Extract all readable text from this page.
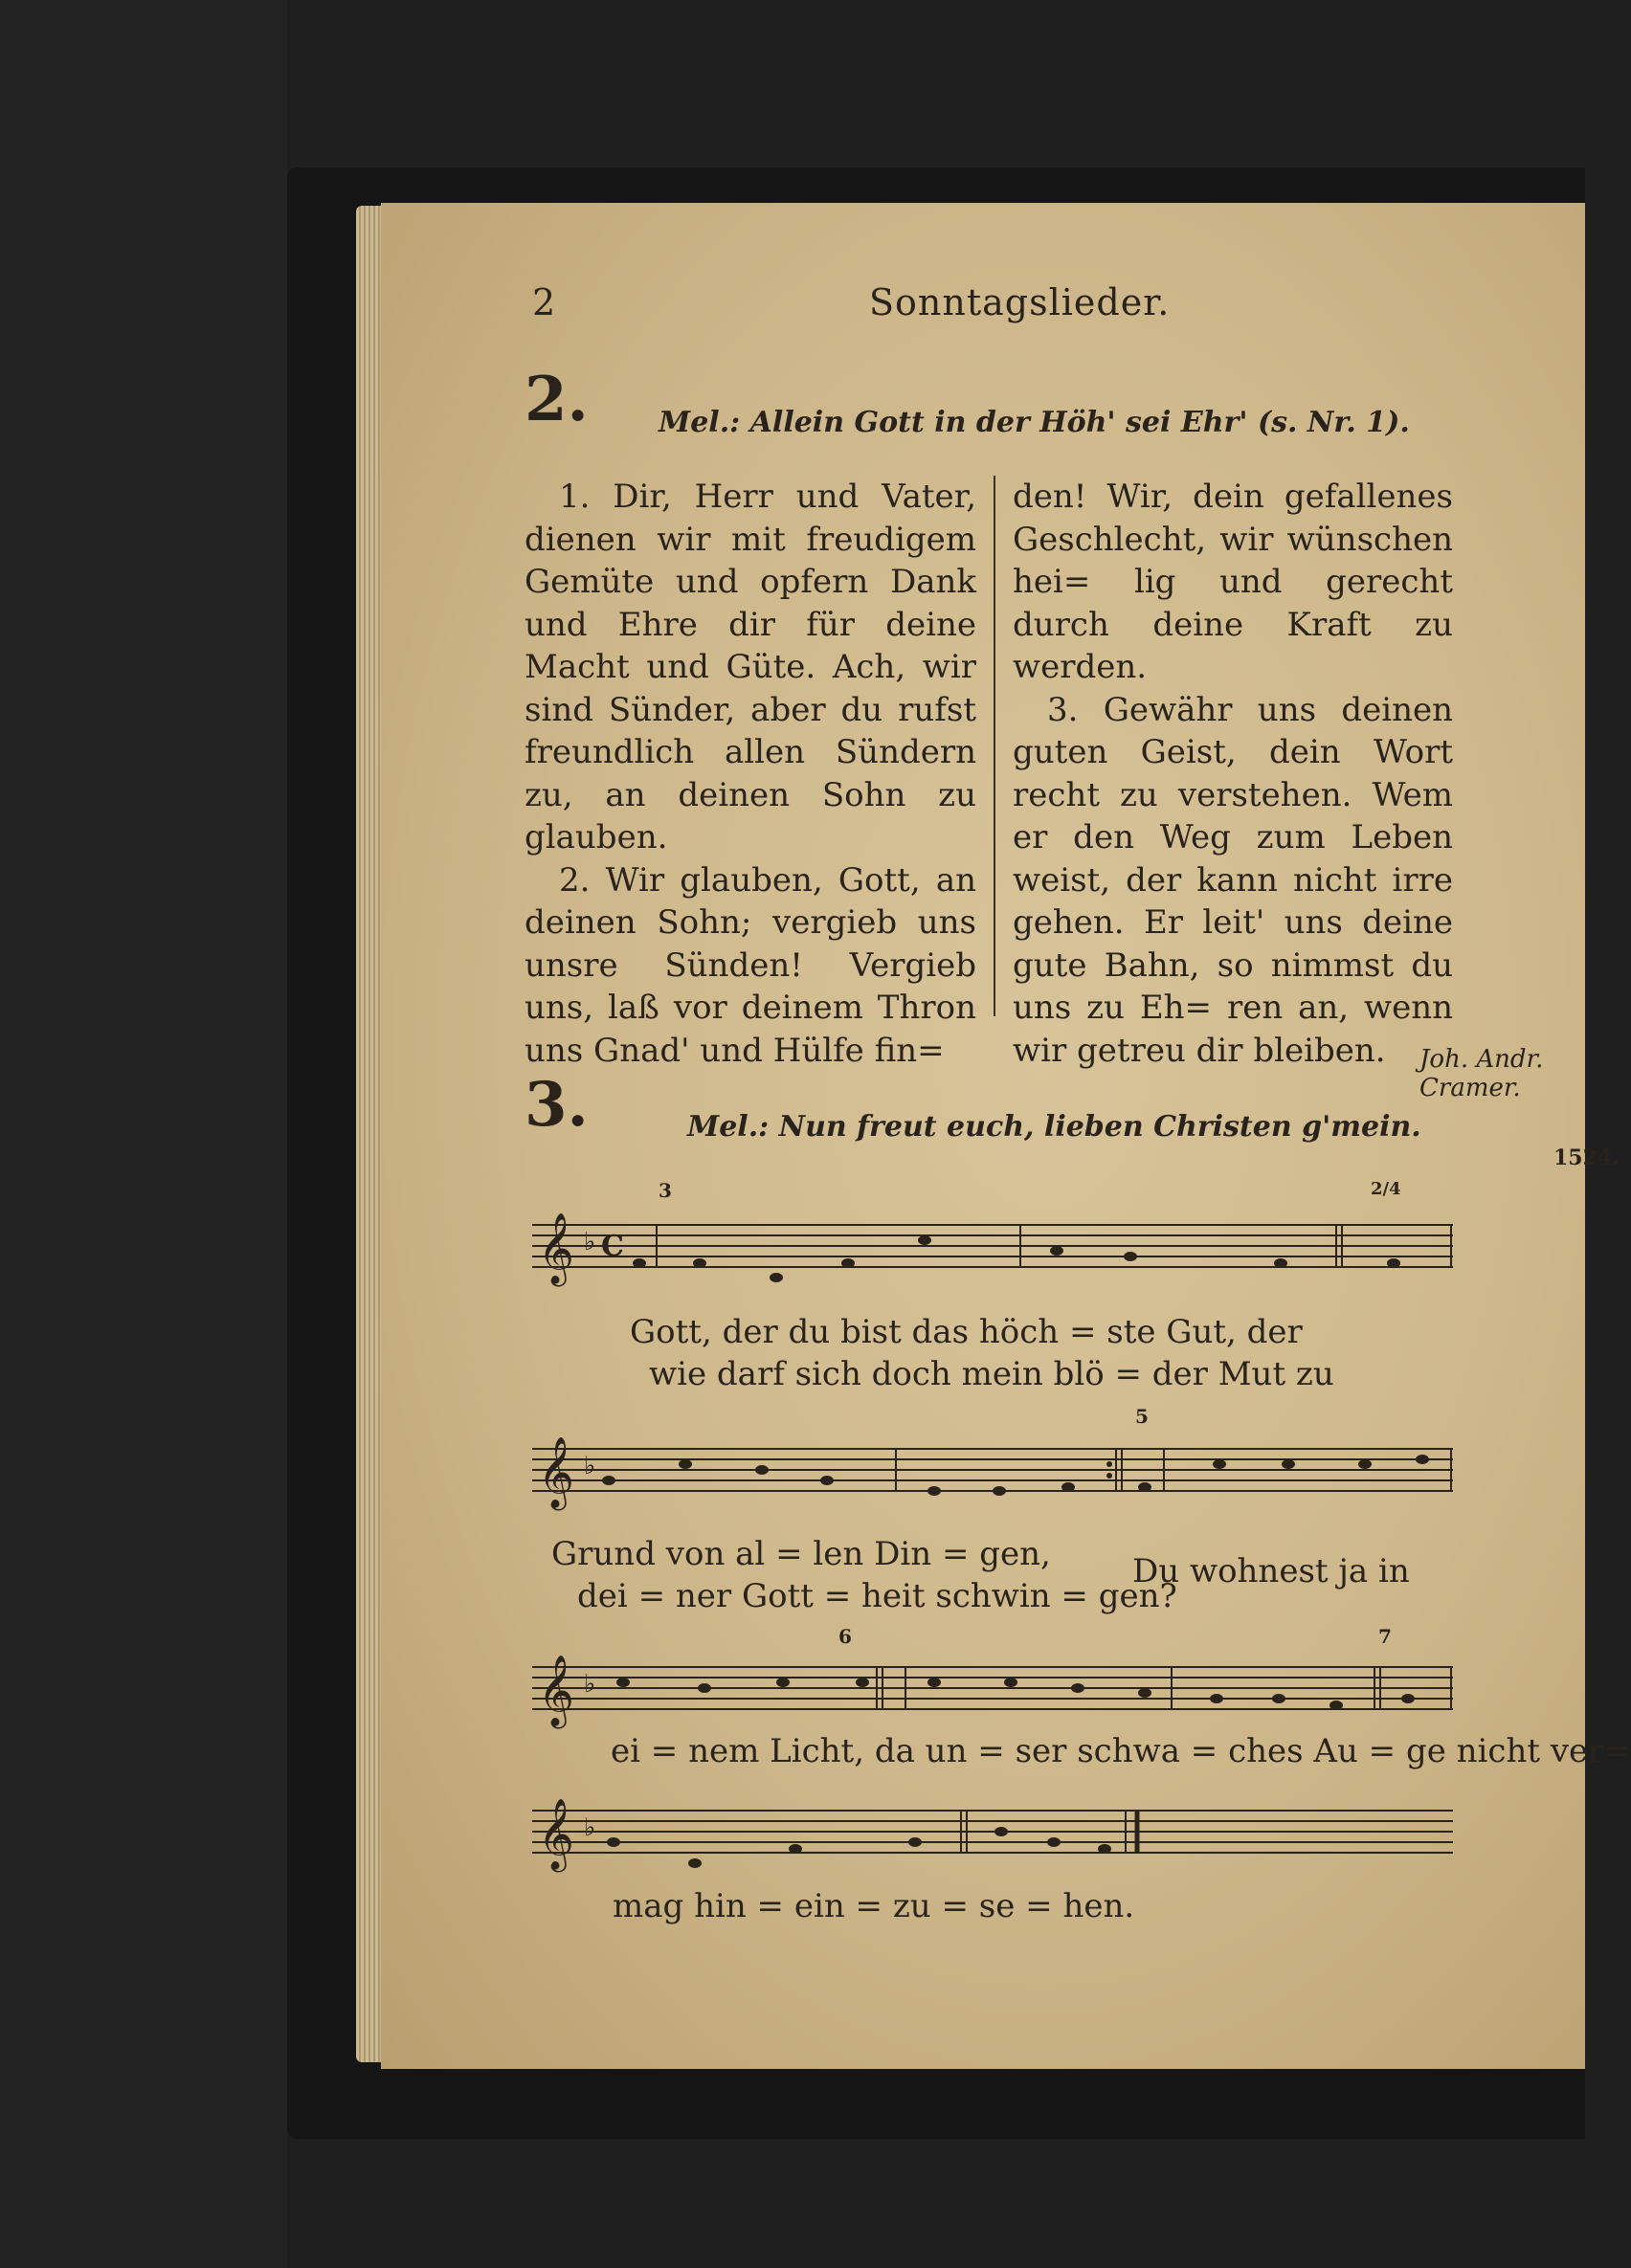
2	Sonntagslieder.
2. Mel.: Allein Gott in der Höh' sei Ehr' (s. Nr. 1).

1. Dir, Herr und Vater, dienen wir mit freudigem Gemüte und opfern Dank und Ehre dir für deine Macht und Güte. Ach, wir sind Sünder, aber du rufst freundlich allen Sündern zu, an deinen Sohn zu glauben.

2. Wir glauben, Gott, an deinen Sohn; vergieb uns unsre Sünden! Vergieb uns, laß vor deinem Thron uns Gnad' und Hülfe fin=

den! Wir, dein gefallenes Geschlecht, wir wünschen hei= lig und gerecht durch deine Kraft zu werden.

3. Gewähr uns deinen guten Geist, dein Wort recht zu verstehen. Wem er den Weg zum Leben weist, der kann nicht irre gehen. Er leit' uns deine gute Bahn, so nimmst du uns zu Eh= ren an, wenn wir getreu dir bleiben.	Joh. Andr. Cramer.
3.	Mel.: Nun freut euch, lieben Christen g'mein.
1524.
𝄞 ♭ C
3	2/4
Gott, der du bist das höch = ste Gut, der
wie darf sich doch mein blö = der Mut zu
𝄞 ♭
5
Grund von al = len Din = gen,
dei = ner Gott = heit schwin = gen?
Du wohnest ja in
𝄞 ♭
6	7
ei = nem Licht, da un = ser schwa = ches Au = ge nicht ver=
𝄞 ♭
mag hin = ein = zu = se = hen.
